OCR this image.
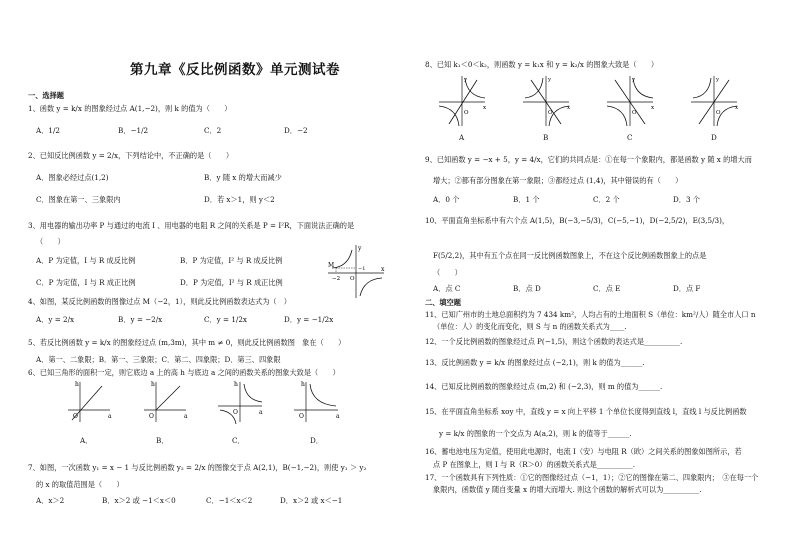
第九章《反比例函数》单元测试卷
一、选择题
1、函数 y = k/x 的图象经过点 A(1,−2)，则 k 的值为（　　）
A．1/2	B．−1/2	C．2	D．−2
2、已知反比例函数 y = 2/x，下列结论中，不正确的是（　　）
A．图象必经过点(1,2)	B．y 随 x 的增大而减少
C．图象在第一、三象限内	D．若 x＞1，则 y＜2
3、用电器的输出功率 P 与通过的电流 I 、用电器的电阻 R 之间的关系是 P = I²R，下面说法正确的是
（　　）
A．P 为定值，I 与 R 成反比例	B．P 为定值，I² 与 R 成反比例
C．P 为定值，I 与 R 成正比例	D．P 为定值，I² 与 R 成正比例
y
M
−2 O
x
−1
4、如图，某反比例函数的图像过点 M（−2，1），则此反比例函数表达式为（　）
A．y = 2/x	B．y = −2/x	C．y = 1/2x	D．y = −1/2x
5、若反比例函数 y = k/x 的图象经过点 (m,3m)，其中 m ≠ 0，则此反比例函数图　象在（　　）
A．第一、二象限；B．第一、三象限；C．第二、四象限；D．第三、四象限
6、已知三角形的面积一定，则它底边 a 上的高 h 与底边 a 之间的函数关系的图象大致是（　　）
h
O	a
h
O	a
h
O	a
h
O	a
A．	B．	C．	D．
7、如图，一次函数 y₁ = x − 1 与反比例函数 y₂ = 2/x 的图像交于点 A(2,1)，B(−1,−2)，则使 y₁ ＞ y₂
的 x 的取值范围是（　　）
A．x＞2	B．x＞2 或 −1＜x＜0	C．−1＜x＜2	D．x＞2 或 x＜−1
8、已知 k₁＜0＜k₂，则函数 y = k₁x 和 y = k₂/x 的图象大致是（　　）
y
x
O
y
x
O
y
x
O
y
x
O
A	B	C	D
9、已知函数 y = −x + 5，y = 4/x，它们的共同点是：①在每一个象限内，都是函数 y 随 x 的增大而
增大；②都有部分图象在第一象限；③都经过点 (1,4)，其中错误的有（　　）
A．0 个	B．1 个	C．2 个	D．3 个
10、平面直角坐标系中有六个点 A(1,5)，B(−3,−5/3)，C(−5,−1)，D(−2,5/2)，E(3,5/3)，
F(5/2,2)，其中有五个点在同一反比例函数图象上，不在这个反比例函数图象上的点是
（　　）
A．点 C	B．点 D	C．点 E	D．点 F
二、填空题
11、已知广州市的土地总面积约为 7 434 km²，人均占有的土地面积 S（单位：km²/人）随全市人口 n
（单位：人）的变化而变化，则 S 与 n 的函数关系式为____.
12、一个反比例函数的图象经过点 P(−1,5)，则这个函数的表达式是__________.
13、反比例函数 y = k/x 的图象经过点 (−2,1)，则 k 的值为______.
14、已知反比例函数的图象经过点 (m,2) 和 (−2,3)，则 m 的值为______.
15、在平面直角坐标系 xoy 中，直线 y = x 向上平移 1 个单位长度得到直线 l，直线 l 与反比例函数
y = k/x 的图象的一个交点为 A(a,2)，则 k 的值等于______.
16、蓄电池电压为定值，使用此电源时，电流 I（安）与电阻 R（欧）之间关系的图象如图所示，若
点 P 在图象上，则 I 与 R（R＞0）的函数关系式是__________.
17、一个函数具有下列性质：①它的图像经过点（−1，1）；②它的图像在第二、四象限内；　③在每一个
象限内，函数值 y 随自变量 x 的增大而增大. 则这个函数的解析式可以为__________.
